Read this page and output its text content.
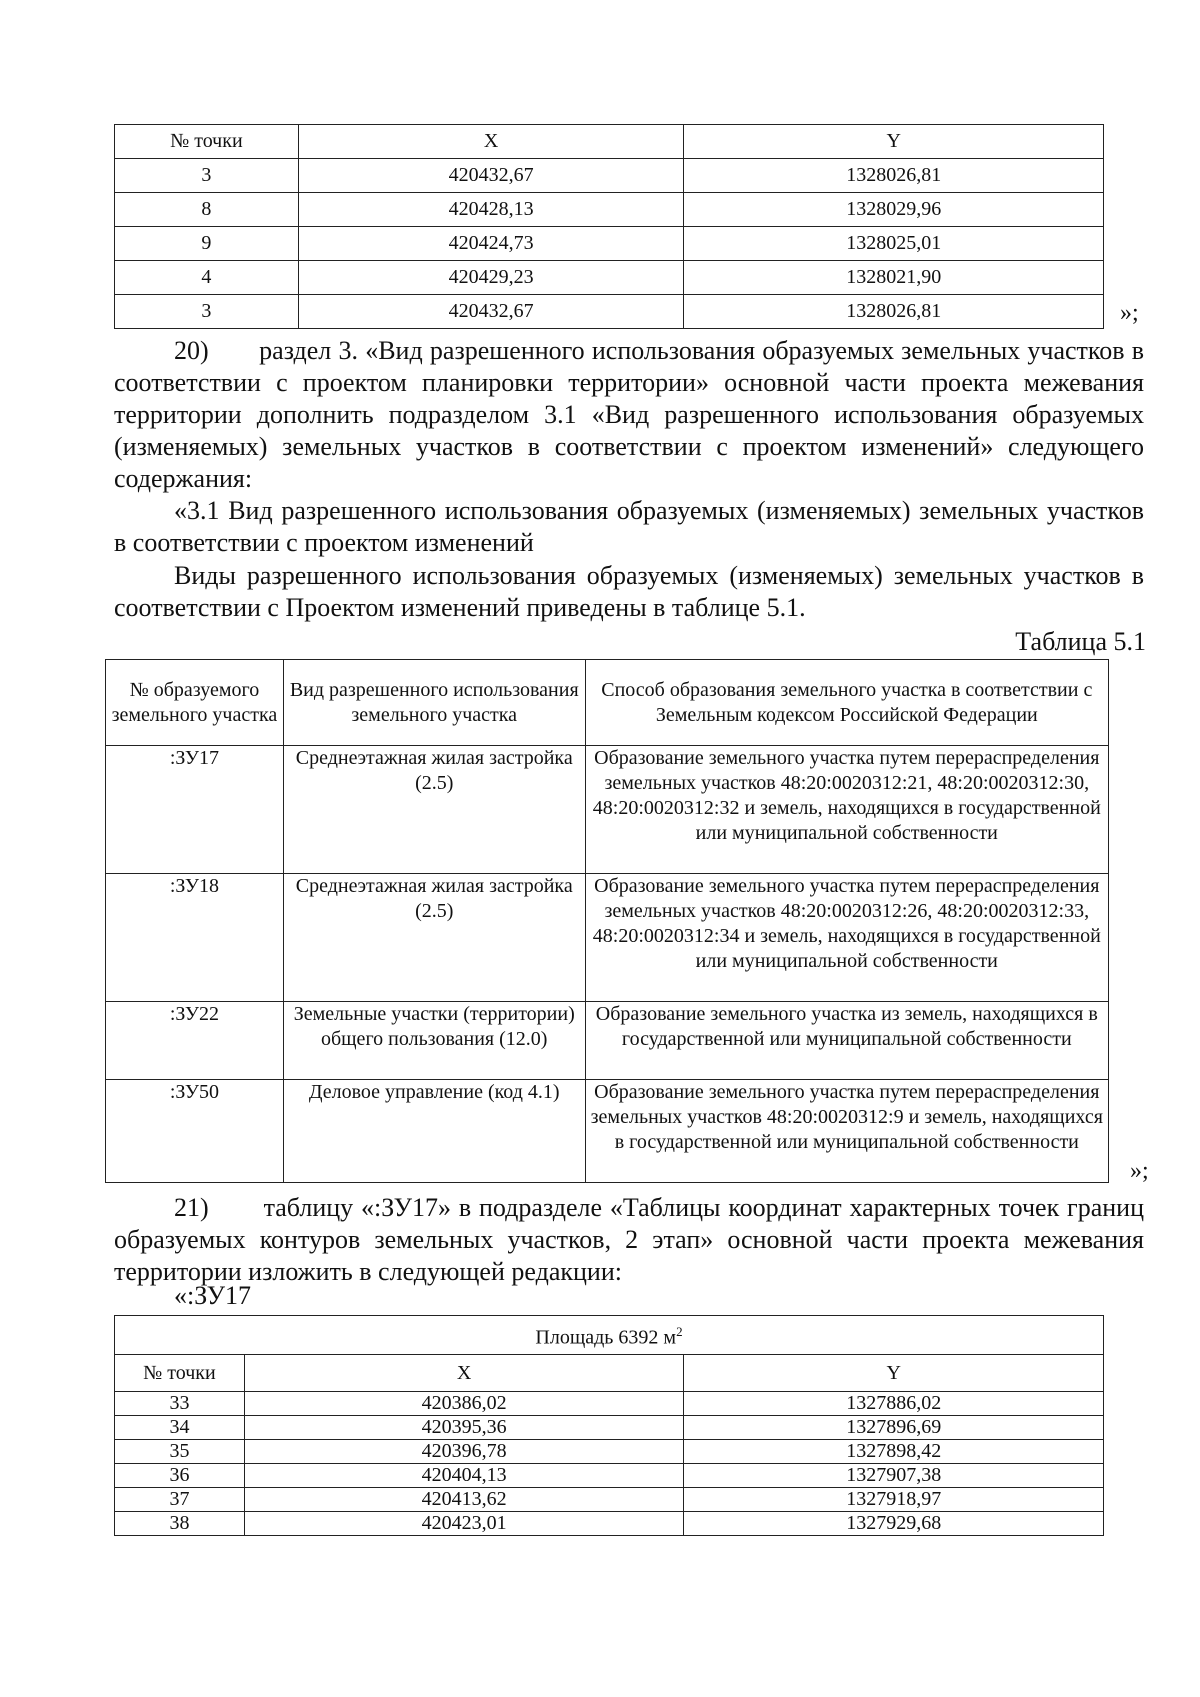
№ точки	X	Y
3	420432,67	1328026,81
8	420428,13	1328029,96
9	420424,73	1328025,01
4	420429,23	1328021,90
3	420432,67	1328026,81	»;
20)       раздел 3. «Вид разрешенного использования образуемых земельных участков в соответствии с проектом планировки территории» основной части проекта межевания территории дополнить подразделом 3.1 «Вид разрешенного использования образуемых (изменяемых) земельных участков в соответствии с проектом изменений» следующего содержания:
«3.1 Вид разрешенного использования образуемых (изменяемых) земельных участков в соответствии с проектом изменений
Виды разрешенного использования образуемых (изменяемых) земельных участков в соответствии с Проектом изменений приведены в таблице 5.1.
Таблица 5.1
№ образуемого земельного участка	Вид разрешенного использования земельного участка	Способ образования земельного участка в соответствии с Земельным кодексом Российской Федерации
:ЗУ17	Среднеэтажная жилая застройка (2.5)	Образование земельного участка путем перераспределения земельных участков 48:20:0020312:21, 48:20:0020312:30, 48:20:0020312:32 и земель, находящихся в государственной или муниципальной собственности
:ЗУ18	Среднеэтажная жилая застройка (2.5)	Образование земельного участка путем перераспределения земельных участков 48:20:0020312:26, 48:20:0020312:33, 48:20:0020312:34 и земель, находящихся в государственной или муниципальной собственности
:ЗУ22	Земельные участки (территории) общего пользования (12.0)	Образование земельного участка из земель, находящихся в государственной или муниципальной собственности
:ЗУ50	Деловое управление (код 4.1)	Образование земельного участка путем перераспределения земельных участков 48:20:0020312:9 и земель, находящихся в государственной или муниципальной собственности
»;
21)       таблицу «:ЗУ17» в подразделе «Таблицы координат характерных точек границ образуемых контуров земельных участков, 2 этап» основной части проекта межевания территории изложить в следующей редакции:
«:ЗУ17
Площадь 6392 $м^2$
№ точки	X	Y
33	420386,02	1327886,02
34	420395,36	1327896,69
35	420396,78	1327898,42
36	420404,13	1327907,38
37	420413,62	1327918,97
38	420423,01	1327929,68
